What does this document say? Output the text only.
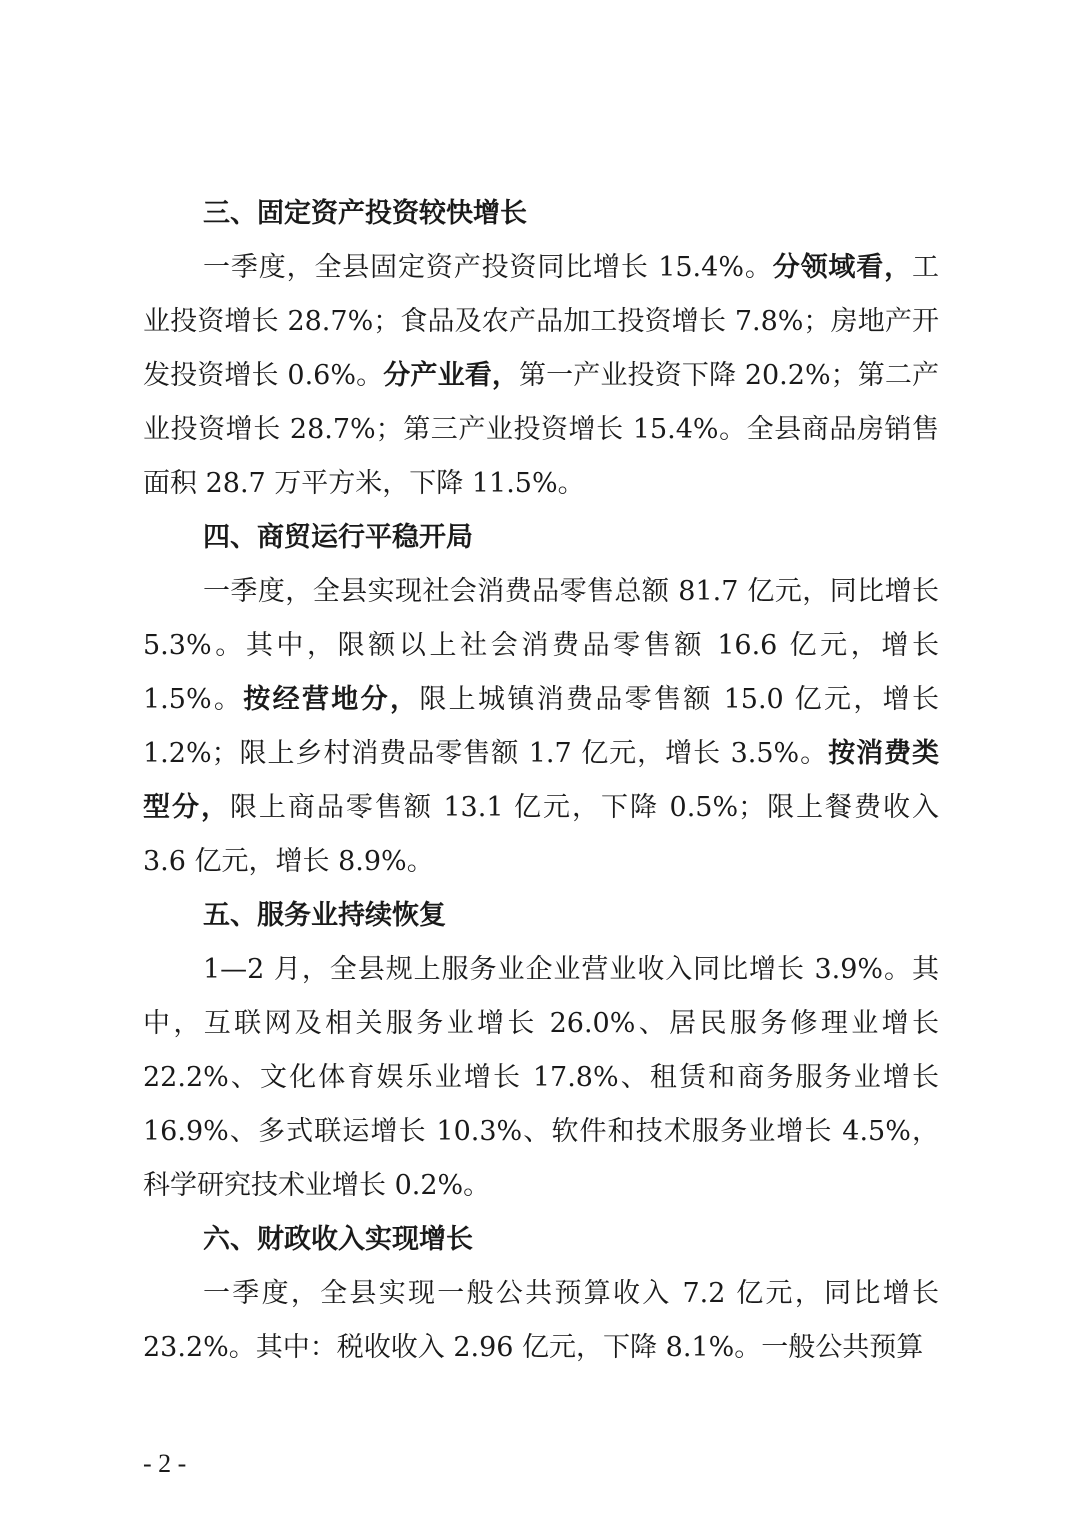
三、固定资产投资较快增长

一季度，全县固定资产投资同比增长 15.4%。分领域看，工业投资增长 28.7%；食品及农产品加工投资增长 7.8%；房地产开发投资增长 0.6%。分产业看，第一产业投资下降 20.2%；第二产业投资增长 28.7%；第三产业投资增长 15.4%。全县商品房销售面积 28.7 万平方米，下降 11.5%。

四、商贸运行平稳开局

一季度，全县实现社会消费品零售总额 81.7 亿元，同比增长 5.3%。其中，限额以上社会消费品零售额 16.6 亿元，增长 1.5%。按经营地分，限上城镇消费品零售额 15.0 亿元，增长 1.2%；限上乡村消费品零售额 1.7 亿元，增长 3.5%。按消费类型分，限上商品零售额 13.1 亿元，下降 0.5%；限上餐费收入 3.6 亿元，增长 8.9%。

五、服务业持续恢复

1—2 月，全县规上服务业企业营业收入同比增长 3.9%。其中，互联网及相关服务业增长 26.0%、居民服务修理业增长 22.2%、文化体育娱乐业增长 17.8%、租赁和商务服务业增长 16.9%、多式联运增长 10.3%、软件和技术服务业增长 4.5%，科学研究技术业增长 0.2%。

六、财政收入实现增长

一季度，全县实现一般公共预算收入 7.2 亿元，同比增长 23.2%。其中：税收收入 2.96 亿元，下降 8.1%。一般公共预算

- 2 -
